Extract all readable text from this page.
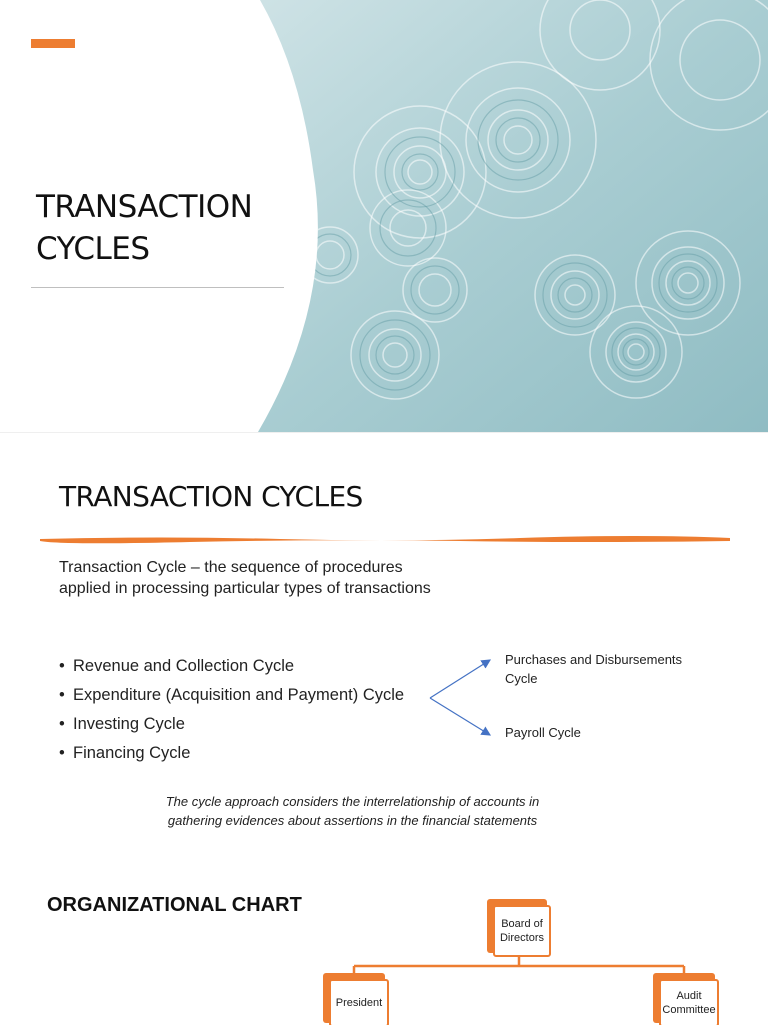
TRANSACTION
CYCLES
TRANSACTION CYCLES
Transaction Cycle – the sequence of procedures applied in processing particular types of transactions
• Revenue and Collection Cycle
• Expenditure (Acquisition and Payment) Cycle
• Investing Cycle
• Financing Cycle
Purchases and Disbursements Cycle
Payroll Cycle
The cycle approach considers the interrelationship of accounts in gathering evidences about assertions in the financial statements
ORGANIZATIONAL CHART
Board of Directors
President
Audit Committee
